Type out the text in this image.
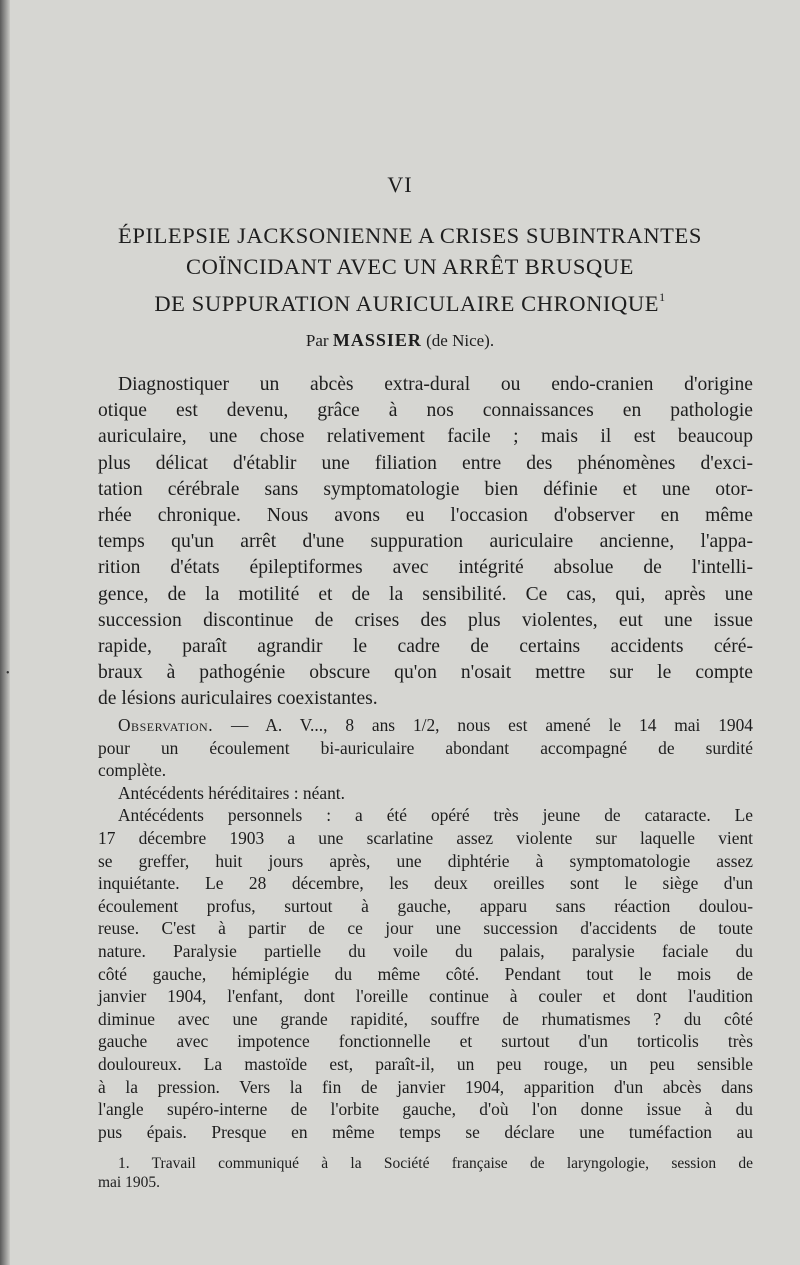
•
VI
ÉPILEPSIE JACKSONIENNE A CRISES SUBINTRANTES
COÏNCIDANT AVEC UN ARRÊT BRUSQUE
DE SUPPURATION AURICULAIRE CHRONIQUE$^1$
Par MASSIER (de Nice).
Diagnostiquer un abcès extra-dural ou endo-cranien d'origine
otique est devenu, grâce à nos connaissances en pathologie
auriculaire, une chose relativement facile ; mais il est beaucoup
plus délicat d'établir une filiation entre des phénomènes d'exci-
tation cérébrale sans symptomatologie bien définie et une otor-
rhée chronique. Nous avons eu l'occasion d'observer en même
temps qu'un arrêt d'une suppuration auriculaire ancienne, l'appa-
rition d'états épileptiformes avec intégrité absolue de l'intelli-
gence, de la motilité et de la sensibilité. Ce cas, qui, après une
succession discontinue de crises des plus violentes, eut une issue
rapide, paraît agrandir le cadre de certains accidents céré-
braux à pathogénie obscure qu'on n'osait mettre sur le compte
de lésions auriculaires coexistantes.
Observation. — A. V..., 8 ans 1/2, nous est amené le 14 mai 1904
pour un écoulement bi-auriculaire abondant accompagné de surdité
complète.
Antécédents héréditaires : néant.
Antécédents personnels : a été opéré très jeune de cataracte. Le
17 décembre 1903 a une scarlatine assez violente sur laquelle vient
se greffer, huit jours après, une diphtérie à symptomatologie assez
inquiétante. Le 28 décembre, les deux oreilles sont le siège d'un
écoulement profus, surtout à gauche, apparu sans réaction doulou-
reuse. C'est à partir de ce jour une succession d'accidents de toute
nature. Paralysie partielle du voile du palais, paralysie faciale du
côté gauche, hémiplégie du même côté. Pendant tout le mois de
janvier 1904, l'enfant, dont l'oreille continue à couler et dont l'audition
diminue avec une grande rapidité, souffre de rhumatismes ? du côté
gauche avec impotence fonctionnelle et surtout d'un torticolis très
douloureux. La mastoïde est, paraît-il, un peu rouge, un peu sensible
à la pression. Vers la fin de janvier 1904, apparition d'un abcès dans
l'angle supéro-interne de l'orbite gauche, d'où l'on donne issue à du
pus épais. Presque en même temps se déclare une tuméfaction au
1. Travail communiqué à la Société française de laryngologie, session de
mai 1905.
